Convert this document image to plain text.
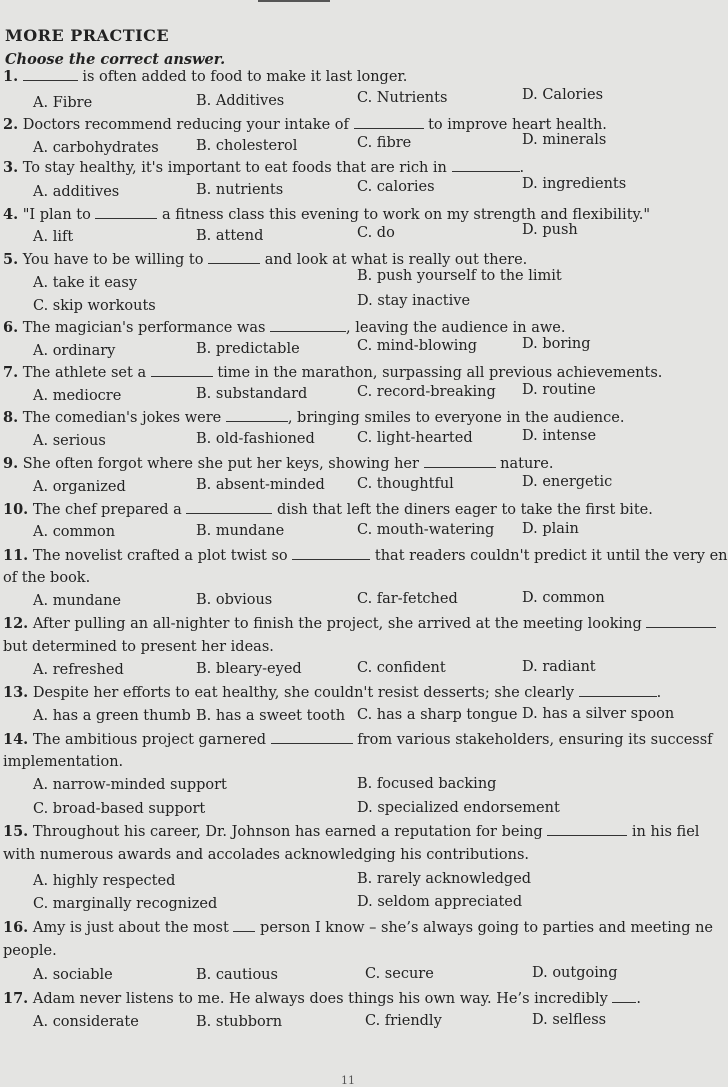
MORE PRACTICE
Choose the correct answer.
1.	is often added to food to make it last longer.
A. Fibre	B. Additives	C. Nutrients	D. Calories
2. Doctors recommend reducing your intake of	to improve heart health.
A. carbohydrates	B. cholesterol	C. fibre	D. minerals
3. To stay healthy, it's important to eat foods that are rich in	.
A. additives	B. nutrients	C. calories	D. ingredients
4. "I plan to	a fitness class this evening to work on my strength and flexibility."
A. lift	B. attend	C. do	D. push
5. You have to be willing to	and look at what is really out there.
A. take it easy	B. push yourself to the limit
C. skip workouts	D. stay inactive
6. The magician's performance was	, leaving the audience in awe.
A. ordinary	B. predictable	C. mind-blowing	D. boring
7. The athlete set a	time in the marathon, surpassing all previous achievements.
A. mediocre	B. substandard	C. record-breaking D. routine
8. The comedian's jokes were	, bringing smiles to everyone in the audience.
A. serious	B. old-fashioned	C. light-hearted	D. intense
9. She often forgot where she put her keys, showing her	nature.
A. organized	B. absent-minded C. thoughtful	D. energetic
10. The chef prepared a	dish that left the diners eager to take the first bite.
A. common	B. mundane	C. mouth-watering D. plain
11. The novelist crafted a plot twist so	that readers couldn't predict it until the very en
of the book.
A. mundane	B. obvious	C. far-fetched	D. common
12. After pulling an all-nighter to finish the project, she arrived at the meeting looking
but determined to present her ideas.
A. refreshed	B. bleary-eyed	C. confident	D. radiant
13. Despite her efforts to eat healthy, she couldn't resist desserts; she clearly	.
A. has a green thumb B. has a sweet tooth C. has a sharp tongue D. has a silver spoon
14. The ambitious project garnered	from various stakeholders, ensuring its successf
implementation.
A. narrow-minded support	B. focused backing
C. broad-based support	D. specialized endorsement
15. Throughout his career, Dr. Johnson has earned a reputation for being	in his fiel
with numerous awards and accolades acknowledging his contributions.
A. highly respected	B. rarely acknowledged
C. marginally recognized	D. seldom appreciated
16. Amy is just about the most  person I know – she’s always going to parties and meeting ne
people.
A. sociable	B. cautious	C. secure	D. outgoing
17. Adam never listens to me. He always does things his own way. He’s incredibly .
A. considerate	B. stubborn	C. friendly	D. selfless
11
